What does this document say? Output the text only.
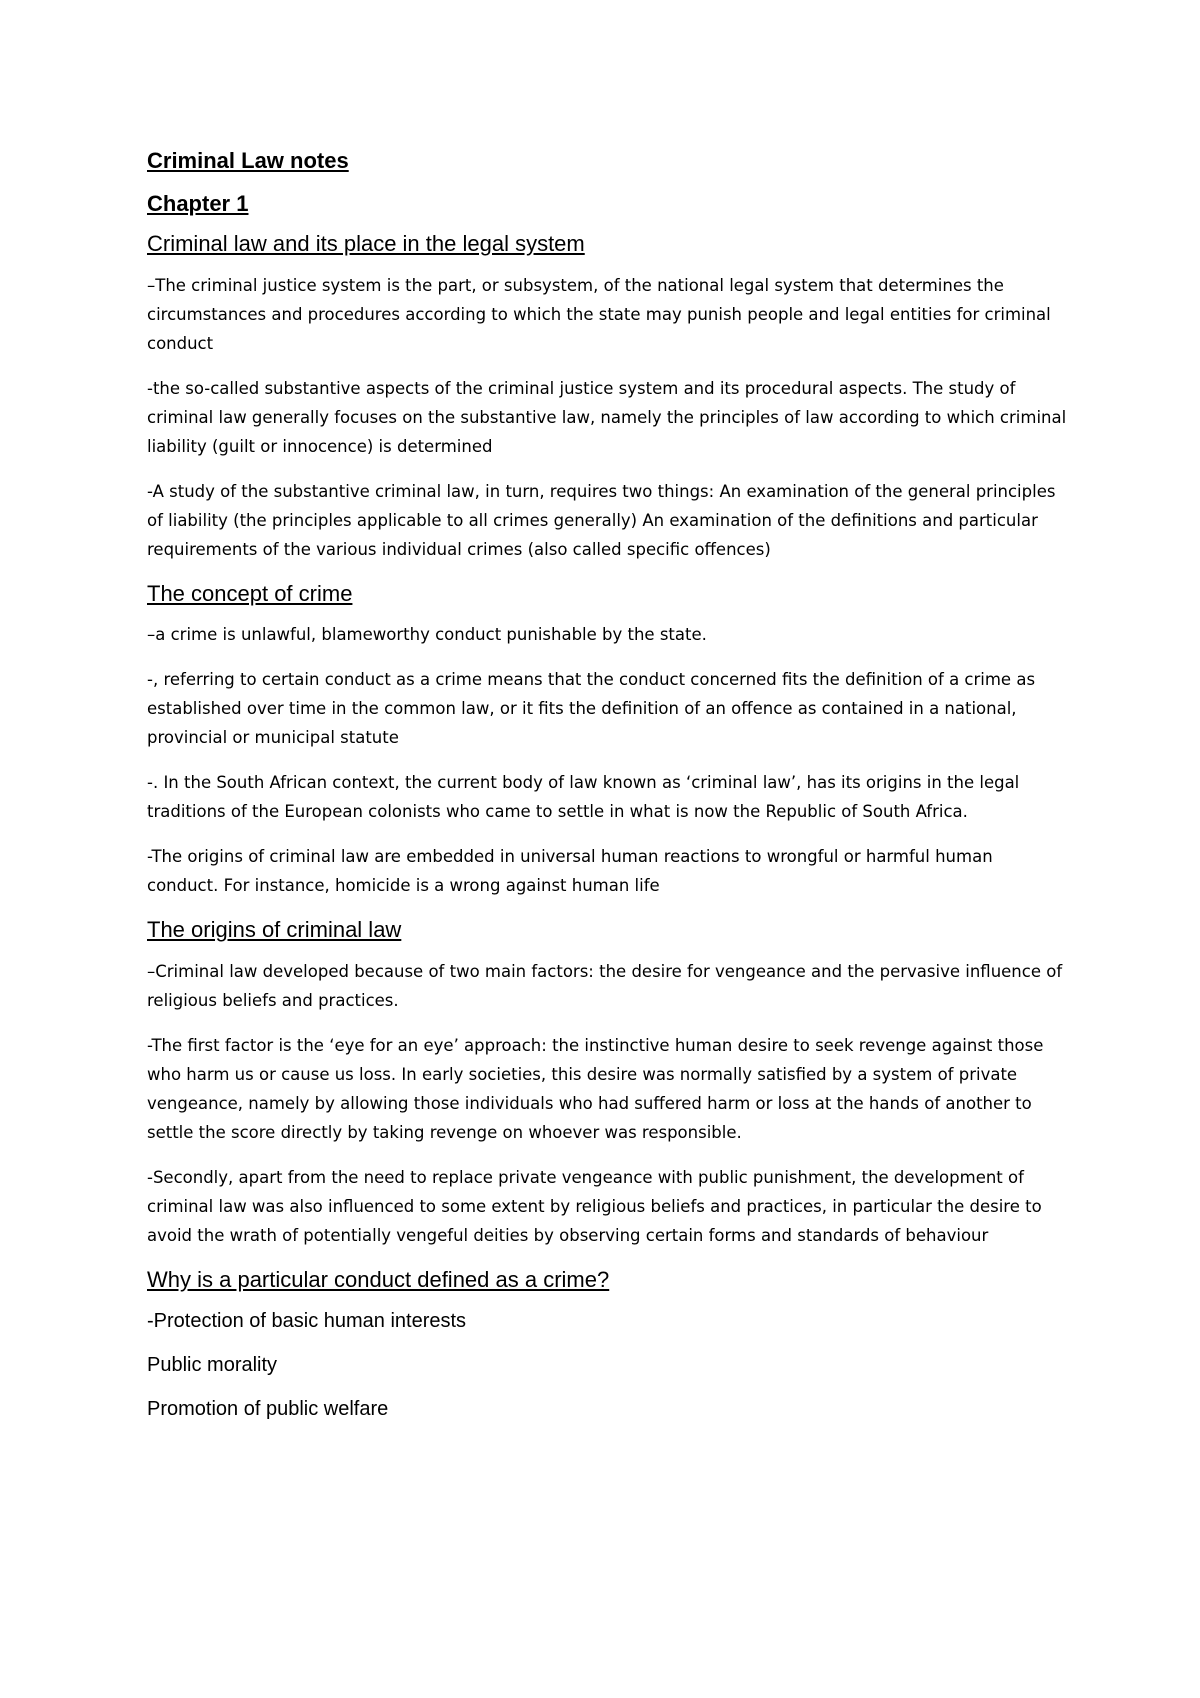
Criminal Law notes
Chapter 1
Criminal law and its place in the legal system

–The criminal justice system is the part, or subsystem, of the national legal system that determines the circumstances and procedures according to which the state may punish people and legal entities for criminal conduct

-the so-called substantive aspects of the criminal justice system and its procedural aspects. The study of criminal law generally focuses on the substantive law, namely the principles of law according to which criminal liability (guilt or innocence) is determined

-A study of the substantive criminal law, in turn, requires two things: An examination of the general principles of liability (the principles applicable to all crimes generally) An examination of the definitions and particular requirements of the various individual crimes (also called specific offences)

The concept of crime

–a crime is unlawful, blameworthy conduct punishable by the state.

-, referring to certain conduct as a crime means that the conduct concerned fits the definition of a crime as established over time in the common law, or it fits the definition of an offence as contained in a national, provincial or municipal statute

-. In the South African context, the current body of law known as ‘criminal law’, has its origins in the legal traditions of the European colonists who came to settle in what is now the Republic of South Africa.

-The origins of criminal law are embedded in universal human reactions to wrongful or harmful human conduct. For instance, homicide is a wrong against human life

The origins of criminal law

–Criminal law developed because of two main factors: the desire for vengeance and the pervasive influence of religious beliefs and practices.

-The first factor is the ‘eye for an eye’ approach: the instinctive human desire to seek revenge against those who harm us or cause us loss. In early societies, this desire was normally satisfied by a system of private vengeance, namely by allowing those individuals who had suffered harm or loss at the hands of another to settle the score directly by taking revenge on whoever was responsible.

-Secondly, apart from the need to replace private vengeance with public punishment, the development of criminal law was also influenced to some extent by religious beliefs and practices, in particular the desire to avoid the wrath of potentially vengeful deities by observing certain forms and standards of behaviour

Why is a particular conduct defined as a crime?

-Protection of basic human interests

Public morality

Promotion of public welfare
